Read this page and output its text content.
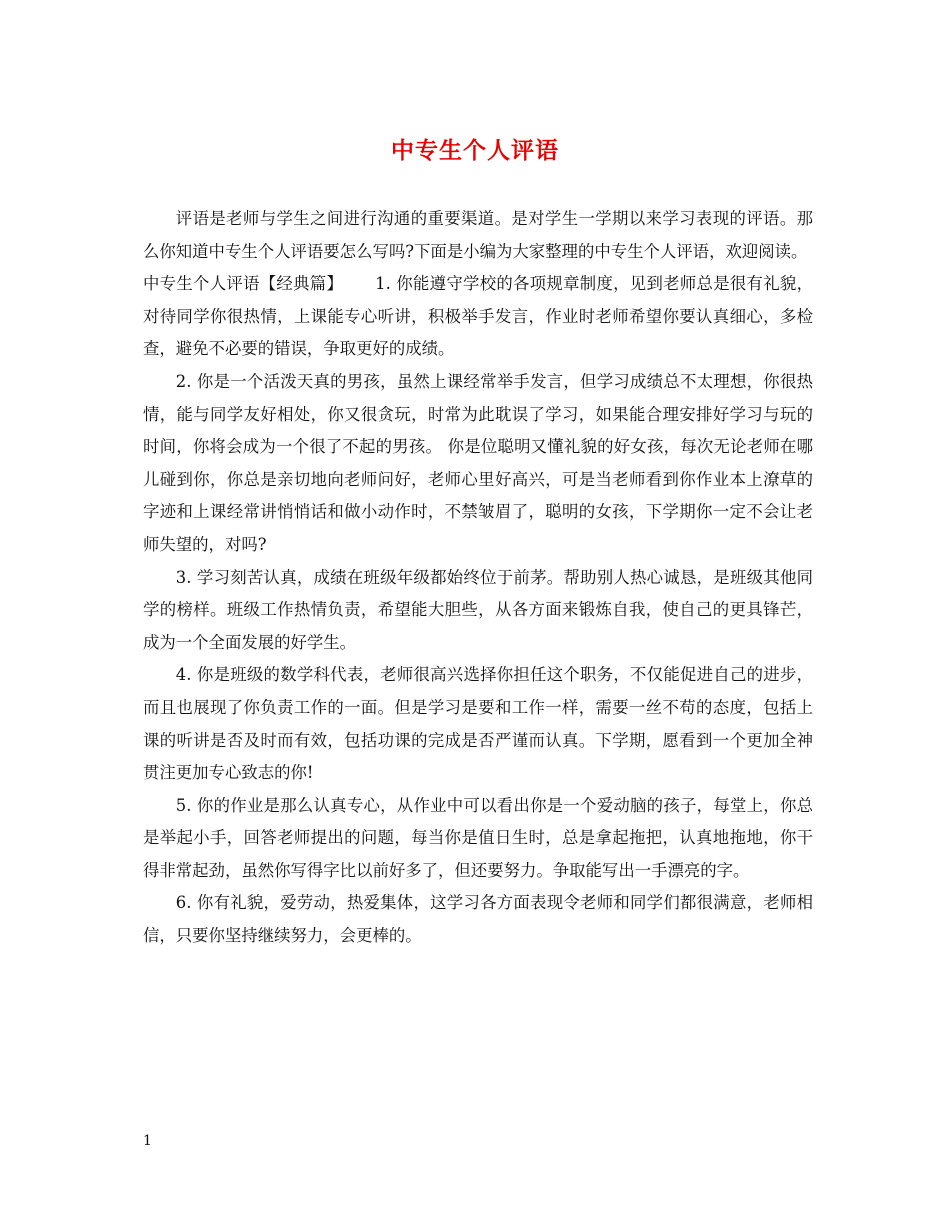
中专生个人评语

评语是老师与学生之间进行沟通的重要渠道。是对学生一学期以来学习表现的评语。那么你知道中专生个人评语要怎么写吗?下面是小编为大家整理的中专生个人评语，欢迎阅读。

中专生个人评语【经典篇】 1. 你能遵守学校的各项规章制度，见到老师总是很有礼貌，对待同学你很热情，上课能专心听讲，积极举手发言，作业时老师希望你要认真细心，多检查，避免不必要的错误，争取更好的成绩。

2. 你是一个活泼天真的男孩，虽然上课经常举手发言，但学习成绩总不太理想，你很热情，能与同学友好相处，你又很贪玩，时常为此耽误了学习，如果能合理安排好学习与玩的时间，你将会成为一个很了不起的男孩。 你是位聪明又懂礼貌的好女孩，每次无论老师在哪儿碰到你，你总是亲切地向老师问好，老师心里好高兴，可是当老师看到你作业本上潦草的字迹和上课经常讲悄悄话和做小动作时，不禁皱眉了，聪明的女孩，下学期你一定不会让老师失望的，对吗?

3. 学习刻苦认真，成绩在班级年级都始终位于前茅。帮助别人热心诚恳，是班级其他同学的榜样。班级工作热情负责，希望能大胆些，从各方面来锻炼自我，使自己的更具锋芒，成为一个全面发展的好学生。

4. 你是班级的数学科代表，老师很高兴选择你担任这个职务，不仅能促进自己的进步，而且也展现了你负责工作的一面。但是学习是要和工作一样，需要一丝不苟的态度，包括上课的听讲是否及时而有效，包括功课的完成是否严谨而认真。下学期，愿看到一个更加全神贯注更加专心致志的你!

5. 你的作业是那么认真专心，从作业中可以看出你是一个爱动脑的孩子，每堂上，你总是举起小手，回答老师提出的问题，每当你是值日生时，总是拿起拖把，认真地拖地，你干得非常起劲，虽然你写得字比以前好多了，但还要努力。争取能写出一手漂亮的字。

6. 你有礼貌，爱劳动，热爱集体，这学习各方面表现令老师和同学们都很满意，老师相信，只要你坚持继续努力，会更棒的。

1
